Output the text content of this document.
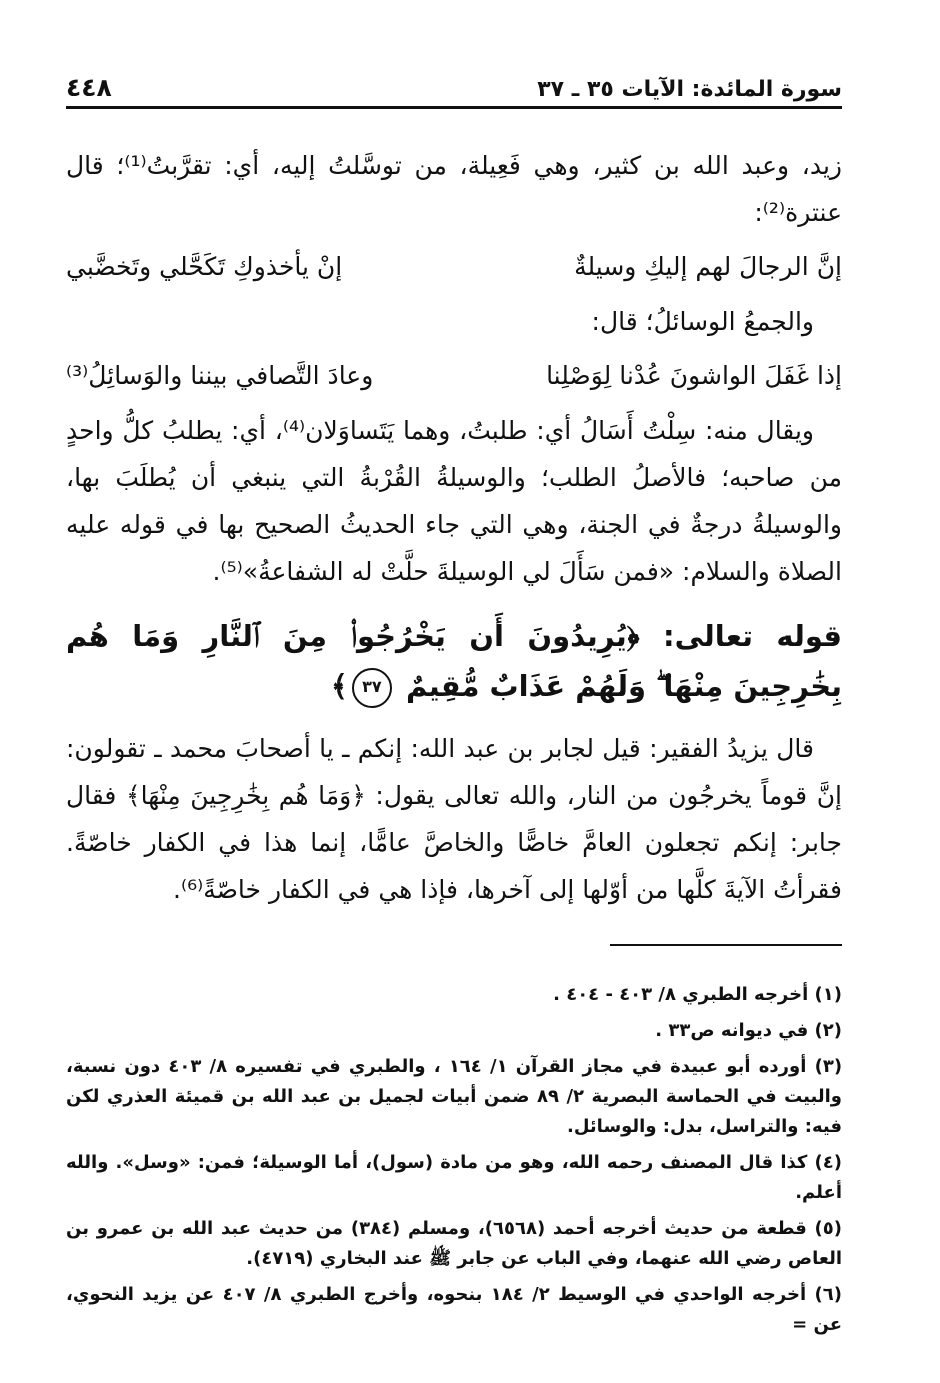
سورة المائدة: الآيات ٣٥ ـ ٣٧
٤٤٨

زيد، وعبد الله بن كثير، وهي فَعِيلة، من توسَّلتُ إليه، أي: تقرَّبتُ⁽¹⁾؛ قال عنترة⁽²⁾:

إنَّ الرجالَ لهم إليكِ وسيلةٌ
إنْ يأخذوكِ تَكَحَّلي وتَخضَّبي

والجمعُ الوسائلُ؛ قال:

إذا غَفَلَ الواشونَ عُدْنا لِوَصْلِنا
وعادَ التَّصافي بيننا والوَسائِلُ⁽³⁾

ويقال منه: سِلْتُ أَسَالُ أي: طلبتُ، وهما يَتَساوَلان⁽⁴⁾، أي: يطلبُ كلُّ واحدٍ من صاحبه؛ فالأصلُ الطلب؛ والوسيلةُ القُرْبةُ التي ينبغي أن يُطلَبَ بها، والوسيلةُ درجةٌ في الجنة، وهي التي جاء الحديثُ الصحيح بها في قوله عليه الصلاة والسلام: «فمن سَأَلَ لي الوسيلةَ حلَّتْ له الشفاعةُ»⁽⁵⁾.

قوله تعالى: ﴿يُرِيدُونَ أَن يَخْرُجُوا۟ مِنَ ٱلنَّارِ وَمَا هُم بِخَٰرِجِينَ مِنْهَا ۖ وَلَهُمْ عَذَابٌ مُّقِيمٌ ٣٧﴾

قال يزيدُ الفقير: قيل لجابر بن عبد الله: إنكم ـ يا أصحابَ محمد ـ تقولون: إنَّ قوماً يخرجُون من النار، والله تعالى يقول: ﴿وَمَا هُم بِخَٰرِجِينَ مِنْهَا﴾ فقال جابر: إنكم تجعلون العامَّ خاصًّا والخاصَّ عامًّا، إنما هذا في الكفار خاصّةً. فقرأتُ الآيةَ كلَّها من أوّلها إلى آخرها، فإذا هي في الكفار خاصّةً⁽⁶⁾.

(١) أخرجه الطبري ٨/ ٤٠٣ - ٤٠٤ .

(٢) في ديوانه ص٣٣ .

(٣) أورده أبو عبيدة في مجاز القرآن ١/ ١٦٤ ، والطبري في تفسيره ٨/ ٤٠٣ دون نسبة، والبيت في الحماسة البصرية ٢/ ٨٩ ضمن أبيات لجميل بن عبد الله بن قميئة العذري لكن فيه: والتراسل، بدل: والوسائل.

(٤) كذا قال المصنف رحمه الله، وهو من مادة (سول)، أما الوسيلة؛ فمن: «وسل». والله أعلم.

(٥) قطعة من حديث أخرجه أحمد (٦٥٦٨)، ومسلم (٣٨٤) من حديث عبد الله بن عمرو بن العاص رضي الله عنهما، وفي الباب عن جابر ﷺ عند البخاري (٤٧١٩).

(٦) أخرجه الواحدي في الوسيط ٢/ ١٨٤ بنحوه، وأخرج الطبري ٨/ ٤٠٧ عن يزيد النحوي، عن =
